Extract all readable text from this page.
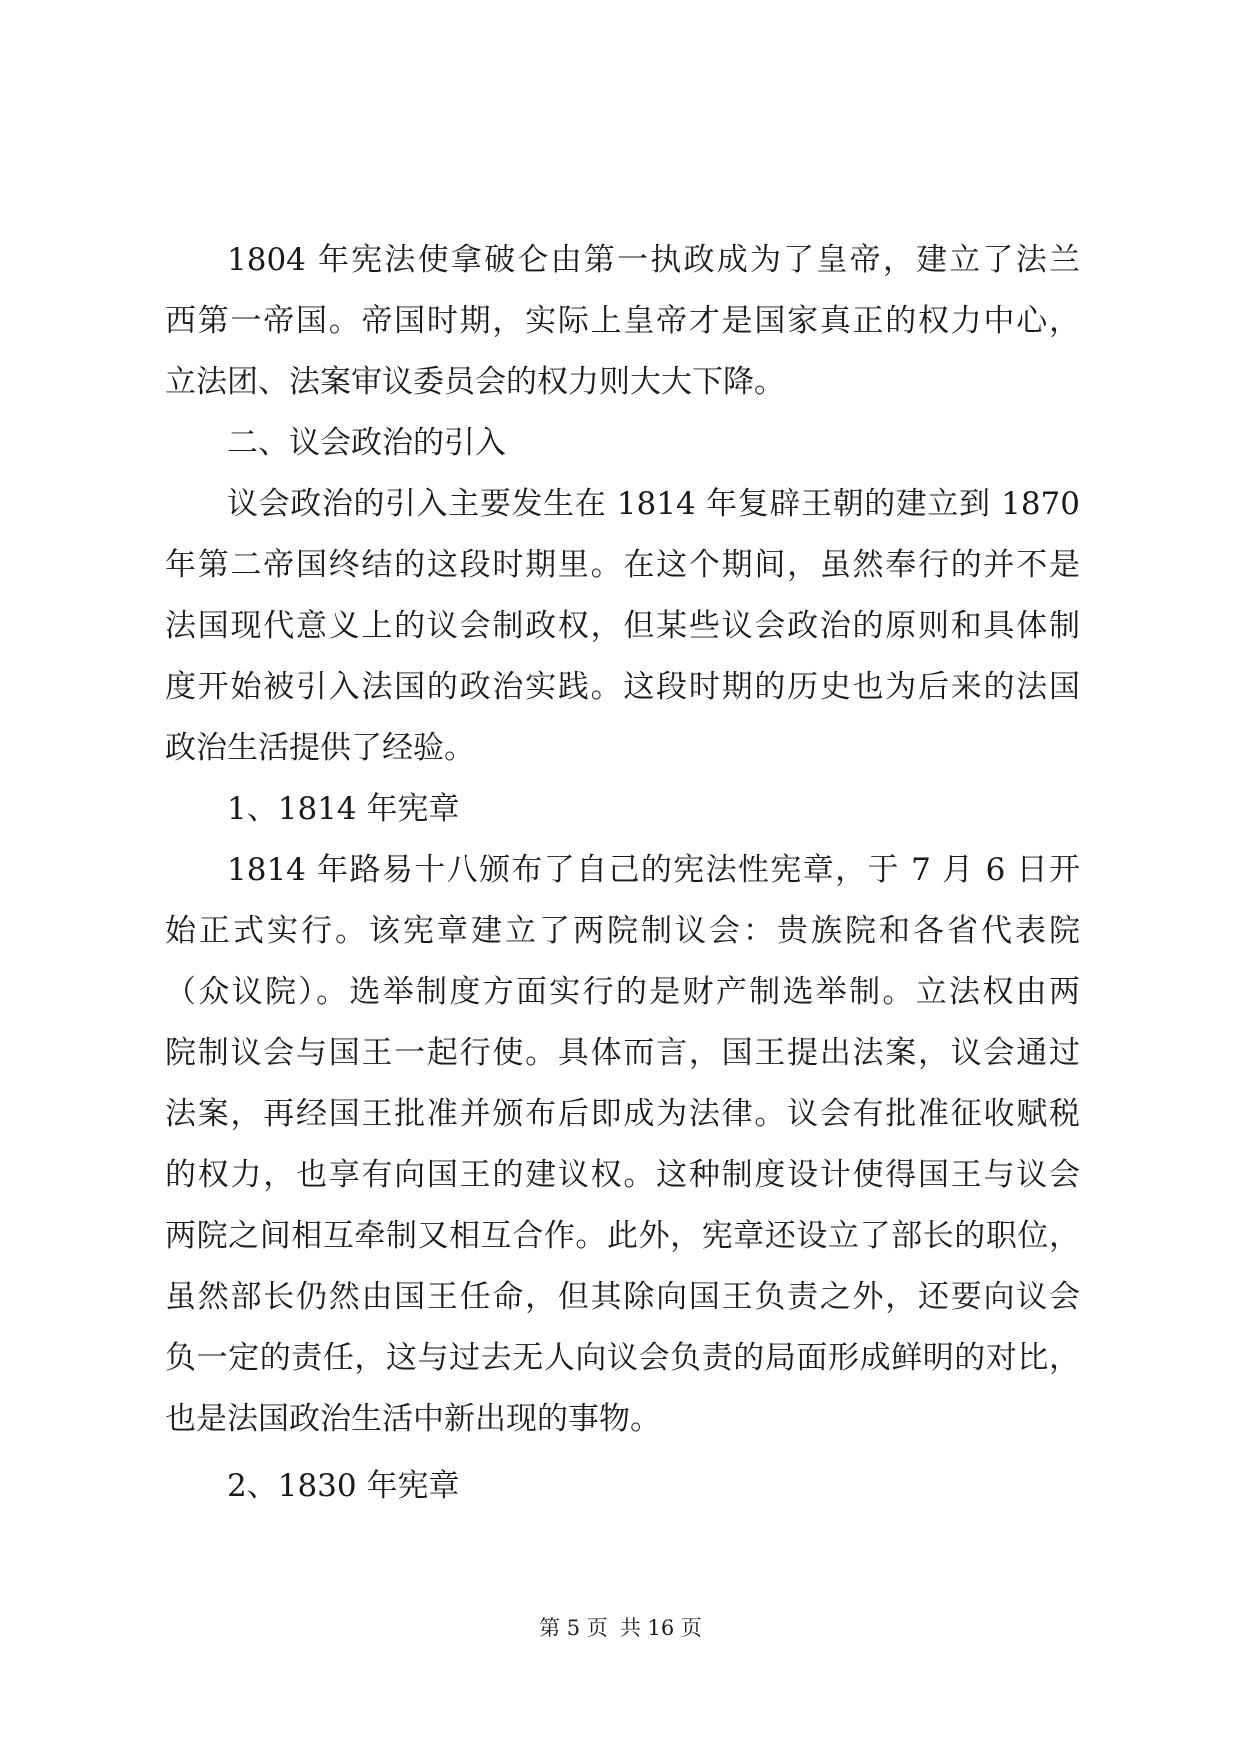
1804 年宪法使拿破仑由第一执政成为了皇帝，建立了法兰
西第一帝国。帝国时期，实际上皇帝才是国家真正的权力中心，
立法团、法案审议委员会的权力则大大下降。
二、议会政治的引入
议会政治的引入主要发生在 1814 年复辟王朝的建立到 1870
年第二帝国终结的这段时期里。在这个期间，虽然奉行的并不是
法国现代意义上的议会制政权，但某些议会政治的原则和具体制
度开始被引入法国的政治实践。这段时期的历史也为后来的法国
政治生活提供了经验。
1、1814 年宪章
1814 年路易十八颁布了自己的宪法性宪章，于 7 月 6 日开
始正式实行。该宪章建立了两院制议会：贵族院和各省代表院
（众议院）。选举制度方面实行的是财产制选举制。立法权由两
院制议会与国王一起行使。具体而言，国王提出法案，议会通过
法案，再经国王批准并颁布后即成为法律。议会有批准征收赋税
的权力，也享有向国王的建议权。这种制度设计使得国王与议会
两院之间相互牵制又相互合作。此外，宪章还设立了部长的职位，
虽然部长仍然由国王任命，但其除向国王负责之外，还要向议会
负一定的责任，这与过去无人向议会负责的局面形成鲜明的对比，
也是法国政治生活中新出现的事物。
2、1830 年宪章
第 5 页 共 16 页
